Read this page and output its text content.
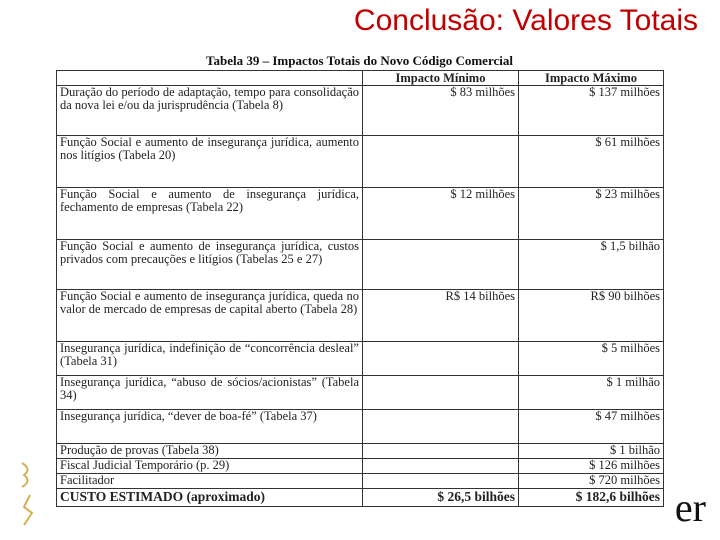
Conclusão: Valores Totais
er
Tabela 39 – Impactos Totais do Novo Código Comercial
	Impacto Mínimo	Impacto Máximo
Duração do período de adaptação, tempo para consolidação da nova lei e/ou da jurisprudência (Tabela 8)	$ 83 milhões	$ 137 milhões
Função Social e aumento de insegurança jurídica, aumento nos litígios (Tabela 20)		$ 61 milhões
Função Social e aumento de insegurança jurídica, fechamento de empresas (Tabela 22)	$ 12 milhões	$ 23 milhões
Função Social e aumento de insegurança jurídica, custos privados com precauções e litígios (Tabelas 25 e 27)		$ 1,5 bilhão
Função Social e aumento de insegurança jurídica, queda no valor de mercado de empresas de capital aberto (Tabela 28)	R$ 14 bilhões	R$ 90 bilhões
Insegurança jurídica, indefinição de “concorrência desleal” (Tabela 31)		$ 5 milhões
Insegurança jurídica, “abuso de sócios/acionistas” (Tabela 34)		$ 1 milhão
Insegurança jurídica, “dever de boa-fé” (Tabela 37)		$ 47 milhões
Produção de provas (Tabela 38)		$ 1 bilhão
Fiscal Judicial Temporário (p. 29)		$ 126 milhões
Facilitador		$ 720 milhões
CUSTO ESTIMADO (aproximado)	$ 26,5 bilhões	$ 182,6 bilhões
